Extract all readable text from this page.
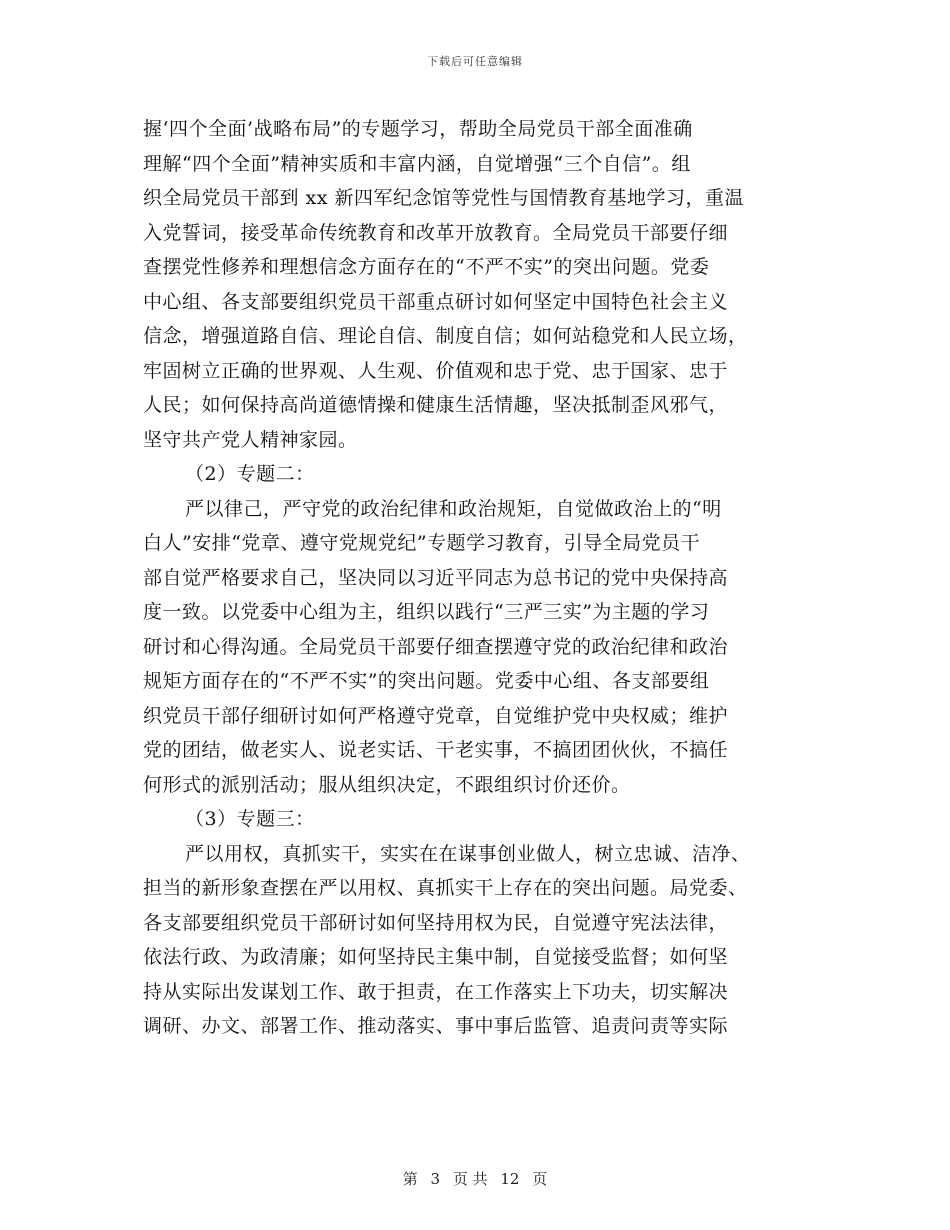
下载后可任意编辑
握‘四个全面’战略布局”的专题学习，帮助全局党员干部全面准确
理解“四个全面”精神实质和丰富内涵，自觉增强“三个自信”。组
织全局党员干部到 xx 新四军纪念馆等党性与国情教育基地学习，重温
入党誓词，接受革命传统教育和改革开放教育。全局党员干部要仔细
查摆党性修养和理想信念方面存在的“不严不实”的突出问题。党委
中心组、各支部要组织党员干部重点研讨如何坚定中国特色社会主义
信念，增强道路自信、理论自信、制度自信；如何站稳党和人民立场，
牢固树立正确的世界观、人生观、价值观和忠于党、忠于国家、忠于
人民；如何保持高尚道德情操和健康生活情趣，坚决抵制歪风邪气，
坚守共产党人精神家园。
（2）专题二：
严以律己，严守党的政治纪律和政治规矩，自觉做政治上的“明
白人”安排“党章、遵守党规党纪”专题学习教育，引导全局党员干
部自觉严格要求自己，坚决同以习近平同志为总书记的党中央保持高
度一致。以党委中心组为主，组织以践行“三严三实”为主题的学习
研讨和心得沟通。全局党员干部要仔细查摆遵守党的政治纪律和政治
规矩方面存在的“不严不实”的突出问题。党委中心组、各支部要组
织党员干部仔细研讨如何严格遵守党章，自觉维护党中央权威；维护
党的团结，做老实人、说老实话、干老实事，不搞团团伙伙，不搞任
何形式的派别活动；服从组织决定，不跟组织讨价还价。
（3）专题三：
严以用权，真抓实干，实实在在谋事创业做人，树立忠诚、洁净、
担当的新形象查摆在严以用权、真抓实干上存在的突出问题。局党委、
各支部要组织党员干部研讨如何坚持用权为民，自觉遵守宪法法律，
依法行政、为政清廉；如何坚持民主集中制，自觉接受监督；如何坚
持从实际出发谋划工作、敢于担责，在工作落实上下功夫，切实解决
调研、办文、部署工作、推动落实、事中事后监管、追责问责等实际
第 3 页 共 12 页
